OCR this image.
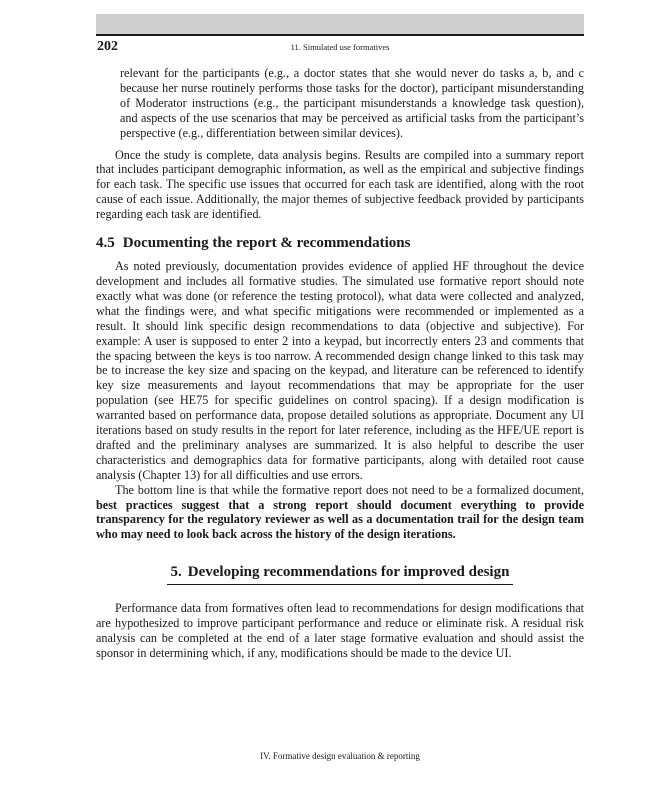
202	11. Simulated use formatives

relevant for the participants (e.g., a doctor states that she would never do tasks a, b, and c because her nurse routinely performs those tasks for the doctor), participant misunderstanding of Moderator instructions (e.g., the participant misunderstands a knowledge task question), and aspects of the use scenarios that may be perceived as artificial tasks from the participant’s perspective (e.g., differentiation between similar devices).

Once the study is complete, data analysis begins. Results are compiled into a summary report that includes participant demographic information, as well as the empirical and subjective findings for each task. The specific use issues that occurred for each task are identified, along with the root cause of each issue. Additionally, the major themes of subjective feedback provided by participants regarding each task are identified.

4.5 Documenting the report & recommendations

As noted previously, documentation provides evidence of applied HF throughout the device development and includes all formative studies. The simulated use formative report should note exactly what was done (or reference the testing protocol), what data were collected and analyzed, what the findings were, and what specific mitigations were recommended or implemented as a result. It should link specific design recommendations to data (objective and subjective). For example: A user is supposed to enter 2 into a keypad, but incorrectly enters 23 and comments that the spacing between the keys is too narrow. A recommended design change linked to this task may be to increase the key size and spacing on the keypad, and literature can be referenced to identify key size measurements and layout recommendations that may be appropriate for the user population (see HE75 for specific guidelines on control spacing). If a design modification is warranted based on performance data, propose detailed solutions as appropriate. Document any UI iterations based on study results in the report for later reference, including as the HFE/UE report is drafted and the preliminary analyses are summarized. It is also helpful to describe the user characteristics and demographics data for formative participants, along with detailed root cause analysis (Chapter 13) for all difficulties and use errors.

The bottom line is that while the formative report does not need to be a formalized document, best practices suggest that a strong report should document everything to provide transparency for the regulatory reviewer as well as a documentation trail for the design team who may need to look back across the history of the design iterations.

5. Developing recommendations for improved design

Performance data from formatives often lead to recommendations for design modifications that are hypothesized to improve participant performance and reduce or eliminate risk. A residual risk analysis can be completed at the end of a later stage formative evaluation and should assist the sponsor in determining which, if any, modifications should be made to the device UI.

IV. Formative design evaluation & reporting
